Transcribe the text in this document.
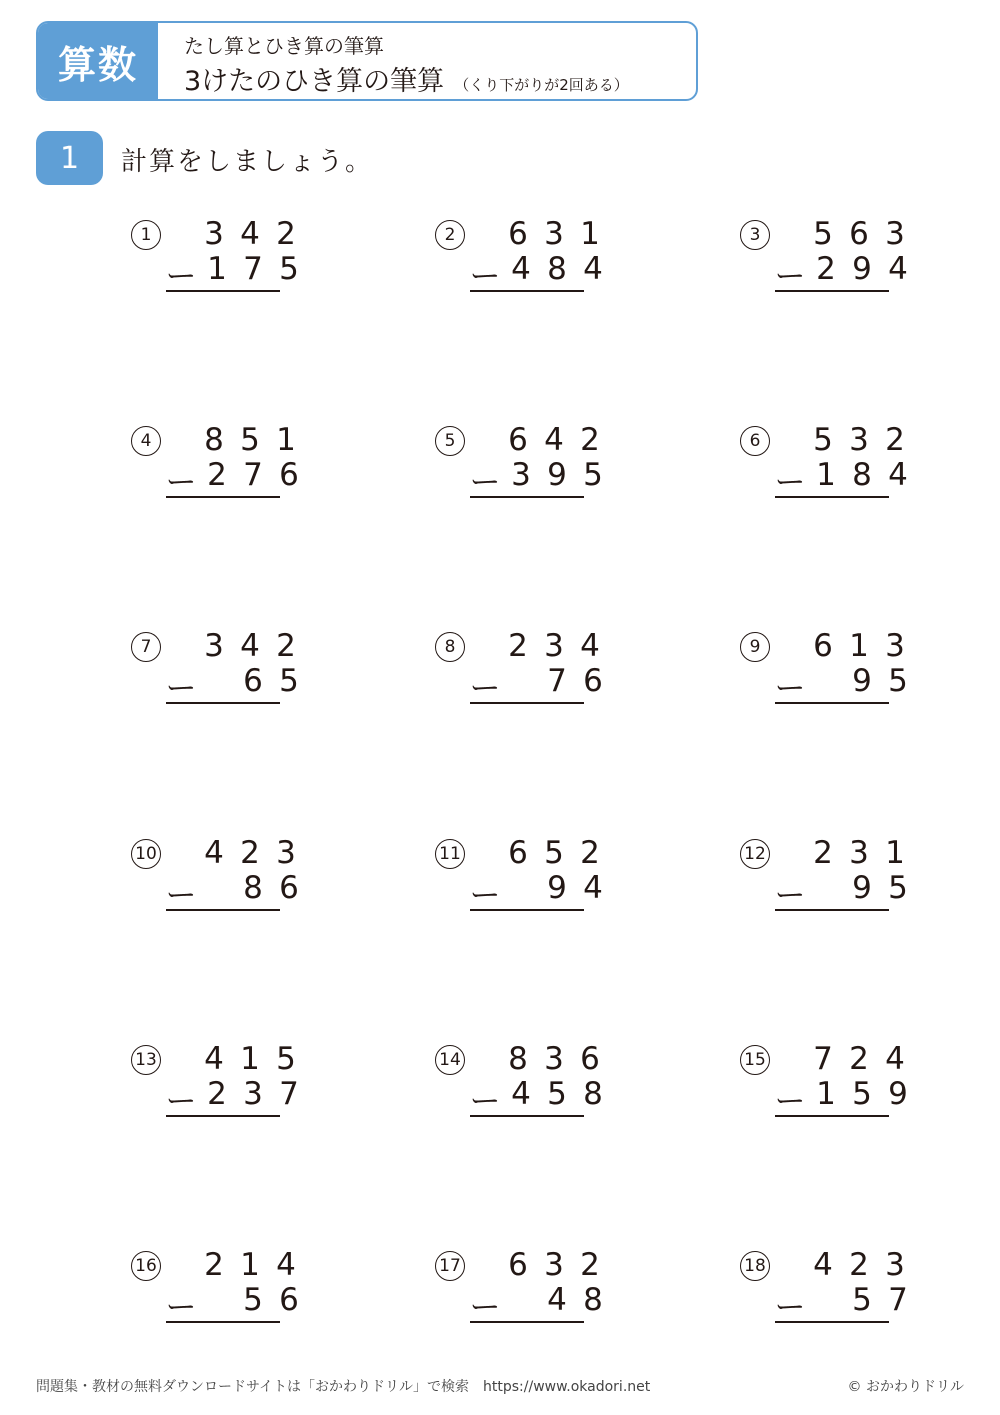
算数	たし算とひき算の筆算
3けたのひき算の筆算 （くり下がりが2回ある）
1	計算をしましょう。
1	3 4 2
ー 1 7 5
2	6 3 1
ー 4 8 4
3	5 6 3
ー 2 9 4
4	8 5 1
ー 2 7 6
5	6 4 2
ー 3 9 5
6	5 3 2
ー 1 8 4
7	3 4 2
ー 6 5
8	2 3 4
ー 7 6
9	6 1 3
ー 9 5
10 4 2 3
ー 8 6
11 6 5 2
ー 9 4
12 2 3 1
ー 9 5
13 4 1 5
ー 2 3 7
14 8 3 6
ー 4 5 8
15 7 2 4
ー 1 5 9
16 2 1 4
ー 5 6
17 6 3 2
ー 4 8
18 4 2 3
ー 5 7
問題集・教材の無料ダウンロードサイトは「おかわりドリル」で検索　https://www.okadori.net	© おかわりドリル
